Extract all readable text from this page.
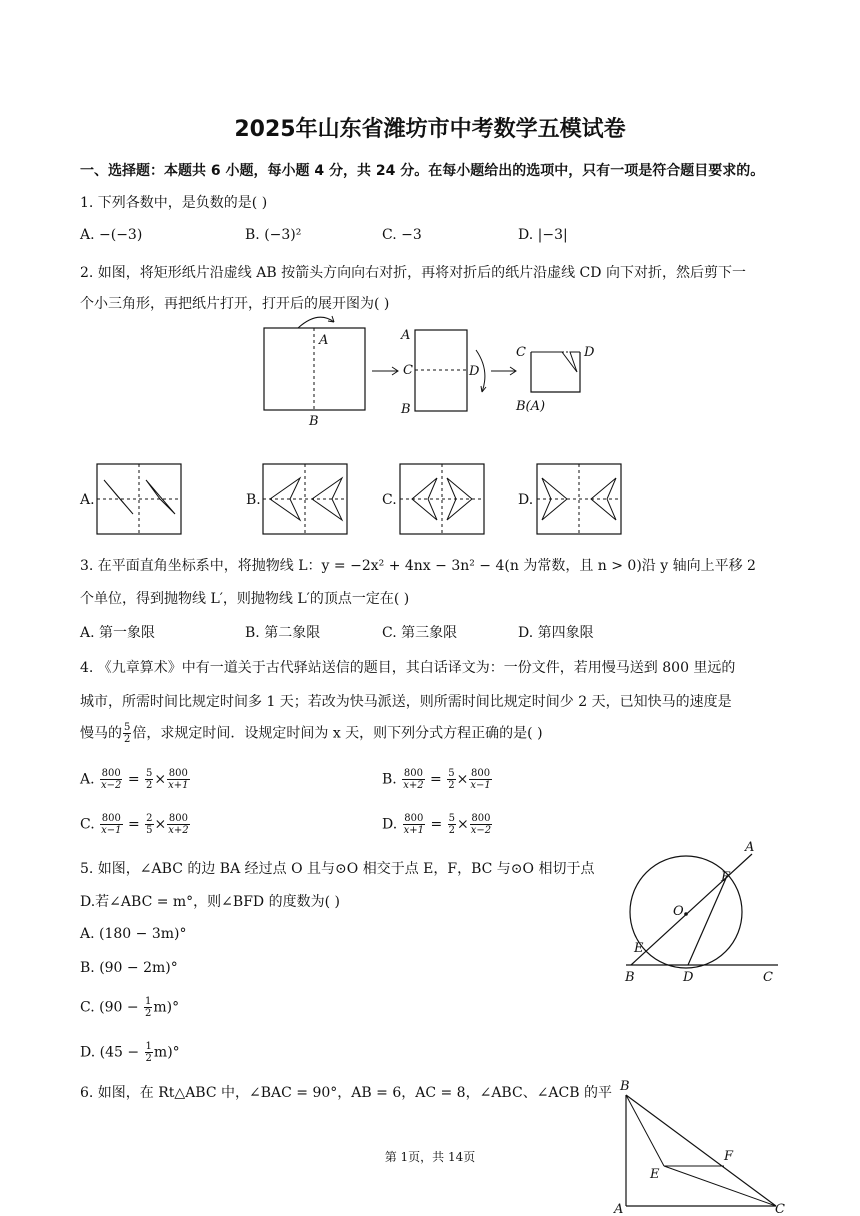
2025年山东省潍坊市中考数学五模试卷
一、选择题：本题共 6 小题，每小题 4 分，共 24 分。在每小题给出的选项中，只有一项是符合题目要求的。
1. 下列各数中，是负数的是( )
A. −(−3)	B. (−3)²	C. −3	D. |−3|
2. 如图，将矩形纸片沿虚线 AB 按箭头方向向右对折，再将对折后的纸片沿虚线 CD 向下对折，然后剪下一
个小三角形，再把纸片打开，打开后的展开图为( )
A
B
A
C
B
D
C	D
B(A)
A
F
O
E
B	D	C
B
F
E
A	C
A.	B.	C.	D.
3. 在平面直角坐标系中，将抛物线 L：y = −2x² + 4nx − 3n² − 4(n 为常数，且 n > 0)沿 y 轴向上平移 2
个单位，得到抛物线 L′，则抛物线 L′的顶点一定在( )
A. 第一象限	B. 第二象限	C. 第三象限	D. 第四象限
4. 《九章算术》中有一道关于古代驿站送信的题目，其白话译文为：一份文件，若用慢马送到 800 里远的
城市，所需时间比规定时间多 1 天；若改为快马派送，则所需时间比规定时间少 2 天，已知快马的速度是
慢马的 $\frac{5}{2}$ 倍，求规定时间．设规定时间为 x 天，则下列分式方程正确的是( )
A. $\frac{800}{x-2} = \frac{5}{2} \times \frac{800}{x+1}$	B. $\frac{800}{x+2} = \frac{5}{2} \times \frac{800}{x-1}$
C. $\frac{800}{x-1} = \frac{2}{5} \times \frac{800}{x+2}$	D. $\frac{800}{x+1} = \frac{5}{2} \times \frac{800}{x-2}$
5. 如图，∠ABC 的边 BA 经过点 O 且与⊙O 相交于点 E，F，BC 与⊙O 相切于点
D.若∠ABC = m°，则∠BFD 的度数为( )
A. (180 − 3m)°
B. (90 − 2m)°
C. $(90 - \frac{1}{2} m)^\circ$
D. $(45 - \frac{1}{2} m)^\circ$
6. 如图，在 Rt△ABC 中，∠BAC = 90°，AB = 6，AC = 8，∠ABC、∠ACB 的平
第 1页，共 14页
